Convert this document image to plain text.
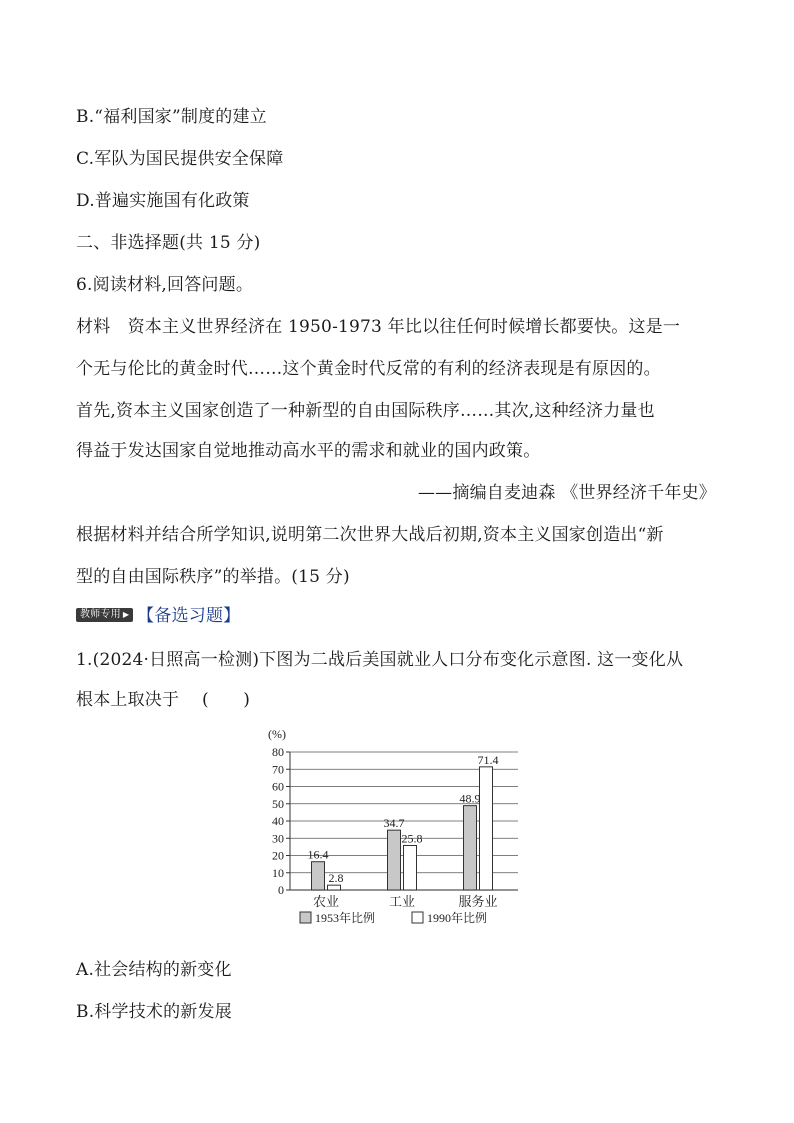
B.“福利国家”制度的建立
C.军队为国民提供安全保障
D.普遍实施国有化政策
二、非选择题(共 15 分)
6.阅读材料,回答问题。
材料　资本主义世界经济在 1950-1973 年比以往任何时候增长都要快。这是一
个无与伦比的黄金时代……这个黄金时代反常的有利的经济表现是有原因的。
首先,资本主义国家创造了一种新型的自由国际秩序……其次,这种经济力量也
得益于发达国家自觉地推动高水平的需求和就业的国内政策。
——摘编自麦迪森 《世界经济千年史》
根据材料并结合所学知识,说明第二次世界大战后初期,资本主义国家创造出“新
型的自由国际秩序”的举措。(15 分)
教师专用 ▶ 【备选习题】
1.(2024·日照高一检测)下图为二战后美国就业人口分布变化示意图. 这一变化从
根本上取决于　 (　　)
(%)
0
10
20
30
40
50
60
70
80
16.4
2.8
农业
34.7
25.8
工业
48.9
71.4
服务业
1953年比例	1990年比例
A.社会结构的新变化
B.科学技术的新发展
